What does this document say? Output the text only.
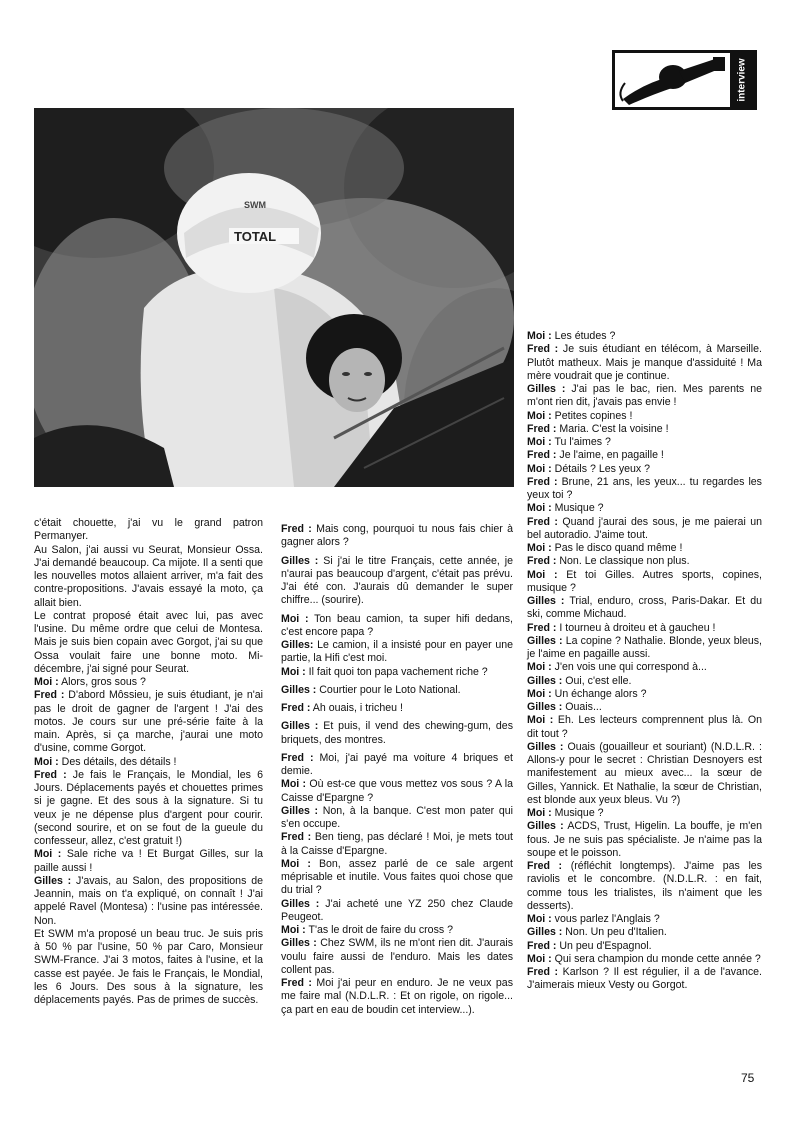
TOTAL
SWM
interview

c'était chouette, j'ai vu le grand patron Permanyer.

Au Salon, j'ai aussi vu Seurat, Monsieur Ossa. J'ai demandé beaucoup. Ca mijote. Il a senti que les nouvelles motos allaient arriver, m'a fait des contre-propositions. J'avais essayé la moto, ça allait bien.

Le contrat proposé était avec lui, pas avec l'usine. Du même ordre que celui de Montesa. Mais je suis bien copain avec Gorgot, j'ai su que Ossa voulait faire une bonne moto. Mi-décembre, j'ai signé pour Seurat.

Moi : Alors, gros sous ?

Fred : D'abord Môssieu, je suis étudiant, je n'ai pas le droit de gagner de l'argent ! J'ai des motos. Je cours sur une pré-série faite à la main. Après, si ça marche, j'aurai une moto d'usine, comme Gorgot.

Moi : Des détails, des détails !

Fred : Je fais le Français, le Mondial, les 6 Jours. Déplacements payés et chouettes primes si je gagne. Et des sous à la signature. Si tu veux je ne dépense plus d'argent pour courir. (second sourire, et on se fout de la gueule du confesseur, allez, c'est gratuit !)

Moi : Sale riche va ! Et Burgat Gilles, sur la paille aussi !

Gilles : J'avais, au Salon, des propositions de Jeannin, mais on t'a expliqué, on connaît ! J'ai appelé Ravel (Montesa) : l'usine pas intéressée. Non.

Et SWM m'a proposé un beau truc. Je suis pris à 50 % par l'usine, 50 % par Caro, Monsieur SWM-France. J'ai 3 motos, faites à l'usine, et la casse est payée. Je fais le Français, le Mondial, les 6 Jours. Des sous à la signature, les déplacements payés. Pas de primes de succès.

Fred : Mais cong, pourquoi tu nous fais chier à gagner alors ?

Gilles : Si j'ai le titre Français, cette année, je n'aurai pas beaucoup d'argent, c'était pas prévu. J'ai été con. J'aurais dû demander le super chiffre... (sourire).

Moi : Ton beau camion, ta super hifi dedans, c'est encore papa ?

Gilles: Le camion, il a insisté pour en payer une partie, la Hifi c'est moi.

Moi : Il fait quoi ton papa vachement riche ?

Gilles : Courtier pour le Loto National.

Fred : Ah ouais, i tricheu !

Gilles : Et puis, il vend des chewing-gum, des briquets, des montres.

Fred : Moi, j'ai payé ma voiture 4 briques et demie.

Moi : Où est-ce que vous mettez vos sous ? A la Caisse d'Epargne ?

Gilles : Non, à la banque. C'est mon pater qui s'en occupe.

Fred : Ben tieng, pas déclaré ! Moi, je mets tout à la Caisse d'Epargne.

Moi : Bon, assez parlé de ce sale argent méprisable et inutile. Vous faites quoi chose que du trial ?

Gilles : J'ai acheté une YZ 250 chez Claude Peugeot.

Moi : T'as le droit de faire du cross ?

Gilles : Chez SWM, ils ne m'ont rien dit. J'aurais voulu faire aussi de l'enduro. Mais les dates collent pas.

Fred : Moi j'ai peur en enduro. Je ne veux pas me faire mal (N.D.L.R. : Et on rigole, on rigole... ça part en eau de boudin cet interview...).

Moi : Les études ?

Fred : Je suis étudiant en télécom, à Marseille. Plutôt matheux. Mais je manque d'assiduité ! Ma mère voudrait que je continue.

Gilles : J'ai pas le bac, rien. Mes parents ne m'ont rien dit, j'avais pas envie !

Moi : Petites copines !

Fred : Maria. C'est la voisine !

Moi : Tu l'aimes ?

Fred : Je l'aime, en pagaille !

Moi : Détails ? Les yeux ?

Fred : Brune, 21 ans, les yeux... tu regardes les yeux toi ?

Moi : Musique ?

Fred : Quand j'aurai des sous, je me paierai un bel autoradio. J'aime tout.

Moi : Pas le disco quand même !

Fred : Non. Le classique non plus.

Moi : Et toi Gilles. Autres sports, copines, musique ?

Gilles : Trial, enduro, cross, Paris-Dakar. Et du ski, comme Michaud.

Fred : I tourneu à droiteu et à gaucheu !

Gilles : La copine ? Nathalie. Blonde, yeux bleus, je l'aime en pagaille aussi.

Moi : J'en vois une qui correspond à...

Gilles : Oui, c'est elle.

Moi : Un échange alors ?

Gilles : Ouais...

Moi : Eh. Les lecteurs comprennent plus là. On dit tout ?

Gilles : Ouais (gouailleur et souriant) (N.D.L.R. : Allons-y pour le secret : Christian Desnoyers est manifestement au mieux avec... la sœur de Gilles, Yannick. Et Nathalie, la sœur de Christian, est blonde aux yeux bleus. Vu ?)

Moi : Musique ?

Gilles : ACDS, Trust, Higelin. La bouffe, je m'en fous. Je ne suis pas spécialiste. Je n'aime pas la soupe et le poisson.

Fred : (réfléchit longtemps). J'aime pas les raviolis et le concombre. (N.D.L.R. : en fait, comme tous les trialistes, ils n'aiment que les desserts).

Moi : vous parlez l'Anglais ?

Gilles : Non. Un peu d'Italien.

Fred : Un peu d'Espagnol.

Moi : Qui sera champion du monde cette année ?

Fred : Karlson ? Il est régulier, il a de l'avance. J'aimerais mieux Vesty ou Gorgot.

75
